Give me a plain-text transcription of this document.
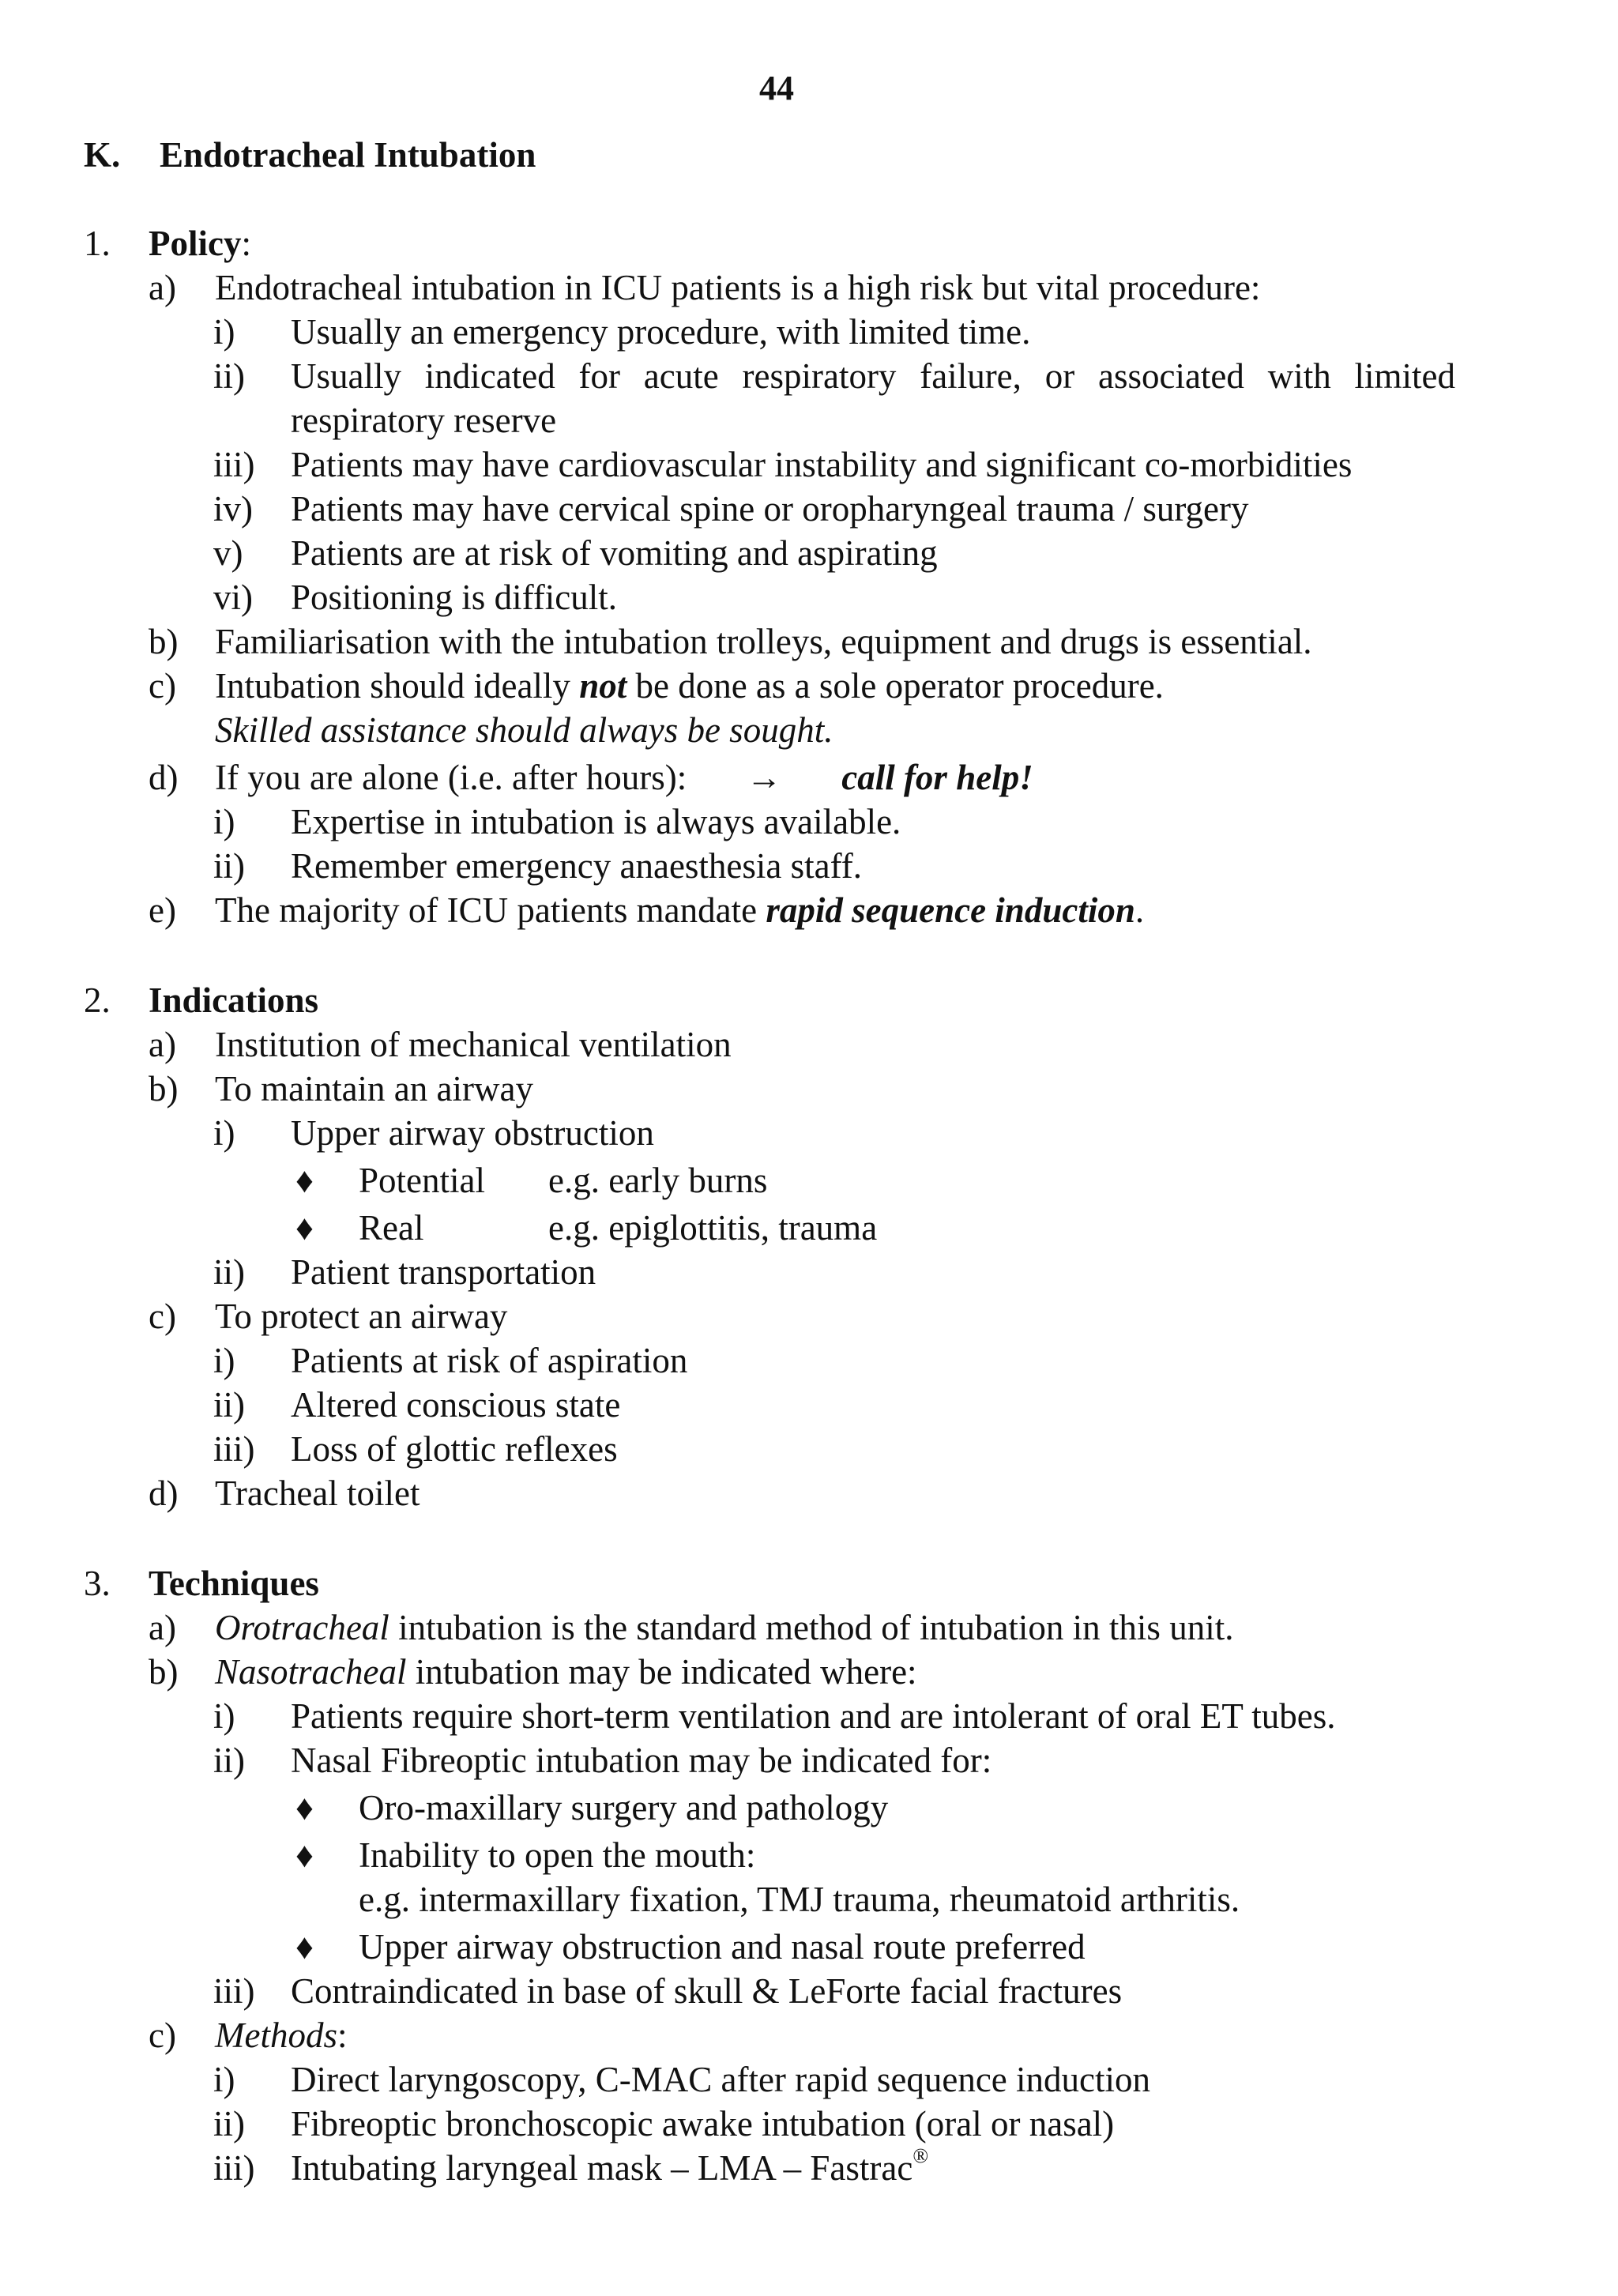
44
K. Endotracheal Intubation
1. Policy:
a) Endotracheal intubation in ICU patients is a high risk but vital procedure:
i) Usually an emergency procedure, with limited time.
ii) Usually indicated for acute respiratory failure, or associated with limited
respiratory reserve
iii) Patients may have cardiovascular instability and significant co-morbidities
iv) Patients may have cervical spine or oropharyngeal trauma / surgery
v) Patients are at risk of vomiting and aspirating
vi) Positioning is difficult.
b) Familiarisation with the intubation trolleys, equipment and drugs is essential.
c) Intubation should ideally not be done as a sole operator procedure.
Skilled assistance should always be sought.
d) If you are alone (i.e. after hours): → call for help!
i) Expertise in intubation is always available.
ii) Remember emergency anaesthesia staff.
e) The majority of ICU patients mandate rapid sequence induction.
2. Indications
a) Institution of mechanical ventilation
b) To maintain an airway
i) Upper airway obstruction
♦ Potential e.g. early burns
♦ Real	e.g. epiglottitis, trauma
ii) Patient transportation
c) To protect an airway
i) Patients at risk of aspiration
ii) Altered conscious state
iii) Loss of glottic reflexes
d) Tracheal toilet
3. Techniques
a) Orotracheal intubation is the standard method of intubation in this unit.
b) Nasotracheal intubation may be indicated where:
i) Patients require short-term ventilation and are intolerant of oral ET tubes.
ii) Nasal Fibreoptic intubation may be indicated for:
♦ Oro-maxillary surgery and pathology
♦ Inability to open the mouth:
e.g. intermaxillary fixation, TMJ trauma, rheumatoid arthritis.
♦ Upper airway obstruction and nasal route preferred
iii) Contraindicated in base of skull & LeForte facial fractures
c) Methods:
i) Direct laryngoscopy, C-MAC after rapid sequence induction
ii) Fibreoptic bronchoscopic awake intubation (oral or nasal)
iii) Intubating laryngeal mask – LMA – Fastrac®
